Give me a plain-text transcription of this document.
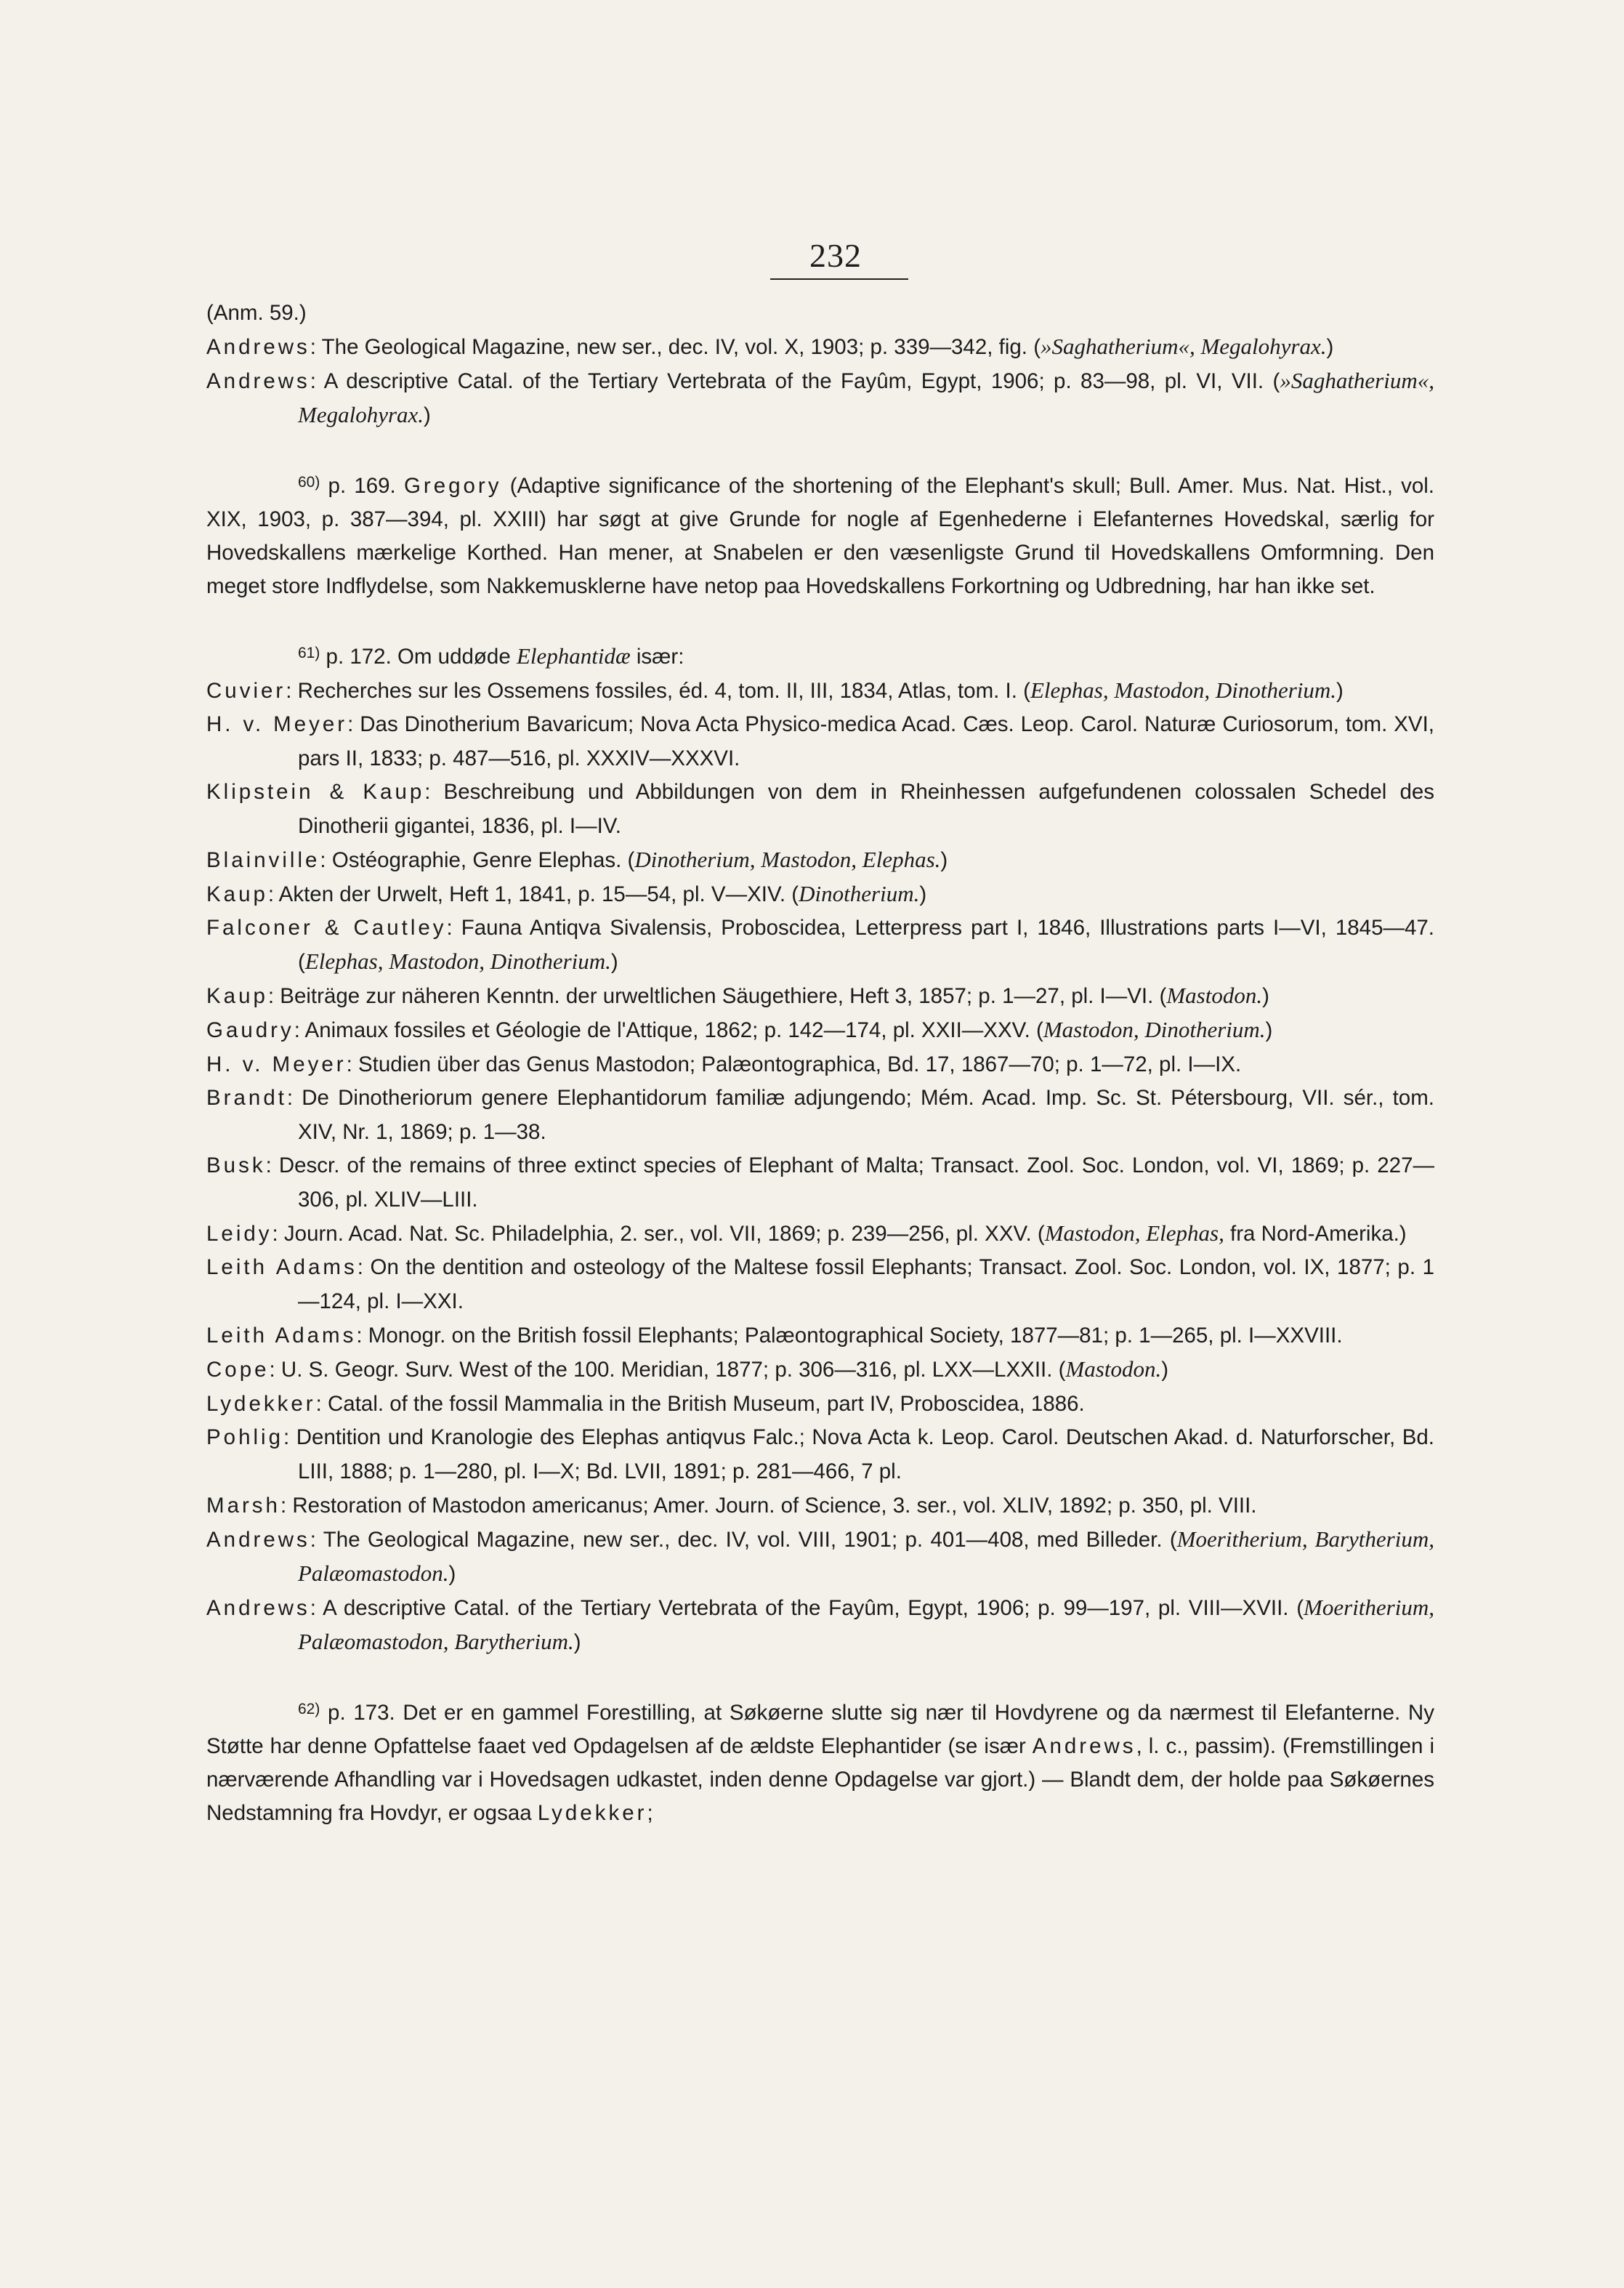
232

(Anm. 59.)

Andrews: The Geological Magazine, new ser., dec. IV, vol. X, 1903; p. 339—342, fig. (»Saghatherium«, Megalohyrax.)

Andrews: A descriptive Catal. of the Tertiary Vertebrata of the Fayûm, Egypt, 1906; p. 83—98, pl. VI, VII. (»Saghatherium«, Megalohyrax.)

$^{60)}$ p. 169. Gregory (Adaptive significance of the shortening of the Elephant's skull; Bull. Amer. Mus. Nat. Hist., vol. XIX, 1903, p. 387—394, pl. XXIII) har søgt at give Grunde for nogle af Egenhederne i Elefanternes Hovedskal, særlig for Hovedskallens mærkelige Korthed. Han mener, at Snabelen er den væsenligste Grund til Hovedskallens Omformning. Den meget store Indflydelse, som Nakkemusklerne have netop paa Hovedskallens Forkortning og Udbredning, har han ikke set.

$^{61)}$ p. 172. Om uddøde Elephantidæ især:

Cuvier: Recherches sur les Ossemens fossiles, éd. 4, tom. II, III, 1834, Atlas, tom. I. (Elephas, Mastodon, Dinotherium.)

H. v. Meyer: Das Dinotherium Bavaricum; Nova Acta Physico-medica Acad. Cæs. Leop. Carol. Naturæ Curiosorum, tom. XVI, pars II, 1833; p. 487—516, pl. XXXIV—XXXVI.

Klipstein & Kaup: Beschreibung und Abbildungen von dem in Rheinhessen aufgefundenen colossalen Schedel des Dinotherii gigantei, 1836, pl. I—IV.

Blainville: Ostéographie, Genre Elephas. (Dinotherium, Mastodon, Elephas.)

Kaup: Akten der Urwelt, Heft 1, 1841, p. 15—54, pl. V—XIV. (Dinotherium.)

Falconer & Cautley: Fauna Antiqva Sivalensis, Proboscidea, Letterpress part I, 1846, Illustrations parts I—VI, 1845—47. (Elephas, Mastodon, Dinotherium.)

Kaup: Beiträge zur näheren Kenntn. der urweltlichen Säugethiere, Heft 3, 1857; p. 1—27, pl. I—VI. (Mastodon.)

Gaudry: Animaux fossiles et Géologie de l'Attique, 1862; p. 142—174, pl. XXII—XXV. (Mastodon, Dinotherium.)

H. v. Meyer: Studien über das Genus Mastodon; Palæontographica, Bd. 17, 1867—70; p. 1—72, pl. I—IX.

Brandt: De Dinotheriorum genere Elephantidorum familiæ adjungendo; Mém. Acad. Imp. Sc. St. Pétersbourg, VII. sér., tom. XIV, Nr. 1, 1869; p. 1—38.

Busk: Descr. of the remains of three extinct species of Elephant of Malta; Transact. Zool. Soc. London, vol. VI, 1869; p. 227—306, pl. XLIV—LIII.

Leidy: Journ. Acad. Nat. Sc. Philadelphia, 2. ser., vol. VII, 1869; p. 239—256, pl. XXV. (Mastodon, Elephas, fra Nord-Amerika.)

Leith Adams: On the dentition and osteology of the Maltese fossil Elephants; Transact. Zool. Soc. London, vol. IX, 1877; p. 1—124, pl. I—XXI.

Leith Adams: Monogr. on the British fossil Elephants; Palæontographical Society, 1877—81; p. 1—265, pl. I—XXVIII.

Cope: U. S. Geogr. Surv. West of the 100. Meridian, 1877; p. 306—316, pl. LXX—LXXII. (Mastodon.)

Lydekker: Catal. of the fossil Mammalia in the British Museum, part IV, Proboscidea, 1886.

Pohlig: Dentition und Kranologie des Elephas antiqvus Falc.; Nova Acta k. Leop. Carol. Deutschen Akad. d. Naturforscher, Bd. LIII, 1888; p. 1—280, pl. I—X; Bd. LVII, 1891; p. 281—466, 7 pl.

Marsh: Restoration of Mastodon americanus; Amer. Journ. of Science, 3. ser., vol. XLIV, 1892; p. 350, pl. VIII.

Andrews: The Geological Magazine, new ser., dec. IV, vol. VIII, 1901; p. 401—408, med Billeder. (Moeritherium, Barytherium, Palæomastodon.)

Andrews: A descriptive Catal. of the Tertiary Vertebrata of the Fayûm, Egypt, 1906; p. 99—197, pl. VIII—XVII. (Moeritherium, Palæomastodon, Barytherium.)

$^{62)}$ p. 173. Det er en gammel Forestilling, at Søkøerne slutte sig nær til Hovdyrene og da nærmest til Elefanterne. Ny Støtte har denne Opfattelse faaet ved Opdagelsen af de ældste Elephantider (se især Andrews, l. c., passim). (Fremstillingen i nærværende Afhandling var i Hovedsagen udkastet, inden denne Opdagelse var gjort.) — Blandt dem, der holde paa Søkøernes Nedstamning fra Hovdyr, er ogsaa Lydekker;
